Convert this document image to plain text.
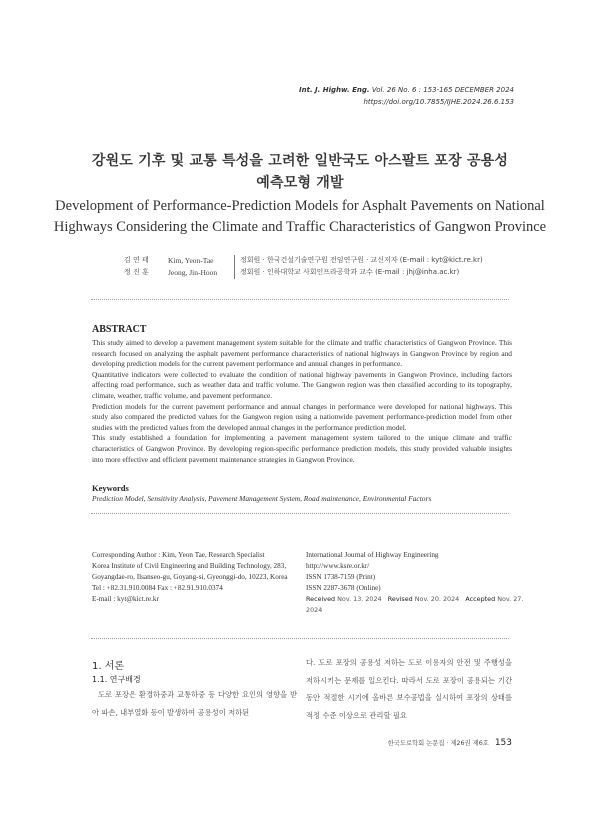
Int. J. Highw. Eng. Vol. 26 No. 6 : 153-165 DECEMBER 2024
https://doi.org/10.7855/IJHE.2024.26.6.153
강원도 기후 및 교통 특성을 고려한 일반국도 아스팔트 포장 공용성
예측모형 개발
Development of Performance-Prediction Models for Asphalt Pavements on National
Highways Considering the Climate and Traffic Characteristics of Gangwon Province
김 연 태	Kim, Yeon-Tae	정회원 · 한국건설기술연구원 전임연구원 · 교신저자 (E-mail : kyt@kict.re.kr)
정 진 훈	Jeong, Jin-Hoon	정회원 · 인하대학교 사회인프라공학과 교수 (E-mail : jhj@inha.ac.kr)
ABSTRACT

This study aimed to develop a pavement management system suitable for the climate and traffic characteristics of Gangwon Province. This research focused on analyzing the asphalt pavement performance characteristics of national highways in Gangwon Province by region and developing prediction models for the current pavement performance and annual changes in performance.

Quantitative indicators were collected to evaluate the condition of national highway pavements in Gangwon Province, including factors affecting road performance, such as weather data and traffic volume. The Gangwon region was then classified according to its topography, climate, weather, traffic volume, and pavement performance.

Prediction models for the current pavement performance and annual changes in performance were developed for national highways. This study also compared the predicted values for the Gangwon region using a nationwide pavement performance-prediction model from other studies with the predicted values from the developed annual changes in the performance prediction model.

This study established a foundation for implementing a pavement management system tailored to the unique climate and traffic characteristics of Gangwon Province. By developing region-specific performance prediction models, this study provided valuable insights into more effective and efficient pavement maintenance strategies in Gangwon Province.

Keywords
Prediction Model, Sensitivity Analysis, Pavement Management System, Road maintenance, Environmental Factors
Corresponding Author : Kim, Yeon Tae, Research Specialist
Korea Institute of Civil Engineering and Building Technology, 283,
Goyangdae-ro, Ilsanseo-gu, Goyang-si, Gyeonggi-do, 10223, Korea
Tel : +82.31.910.0084 Fax : +82.91.910.0374
E-mail : kyt@kict.re.kr
International Journal of Highway Engineering
http://www.ksre.or.kr/
ISSN 1738-7159 (Print)
ISSN 2287-3678 (Online)
Received Nov. 13. 2024 Revised Nov. 20. 2024 Accepted Nov. 27. 2024
1. 서론
1.1. 연구배경
도로 포장은 환경하중과 교통하중 등 다양한 요인의 영향을 받아 파손, 내부열화 등이 발생하여 공용성이 저하된
다. 도로 포장의 공용성 저하는 도로 이용자의 안전 및 주행성을 저하시키는 문제를 일으킨다. 따라서 도로 포장이 공용되는 기간 동안 적절한 시기에 올바른 보수공법을 실시하여 포장의 상태를 적정 수준 이상으로 관리할 필요
한국도로학회 논문집 · 제26권 제6호 153
